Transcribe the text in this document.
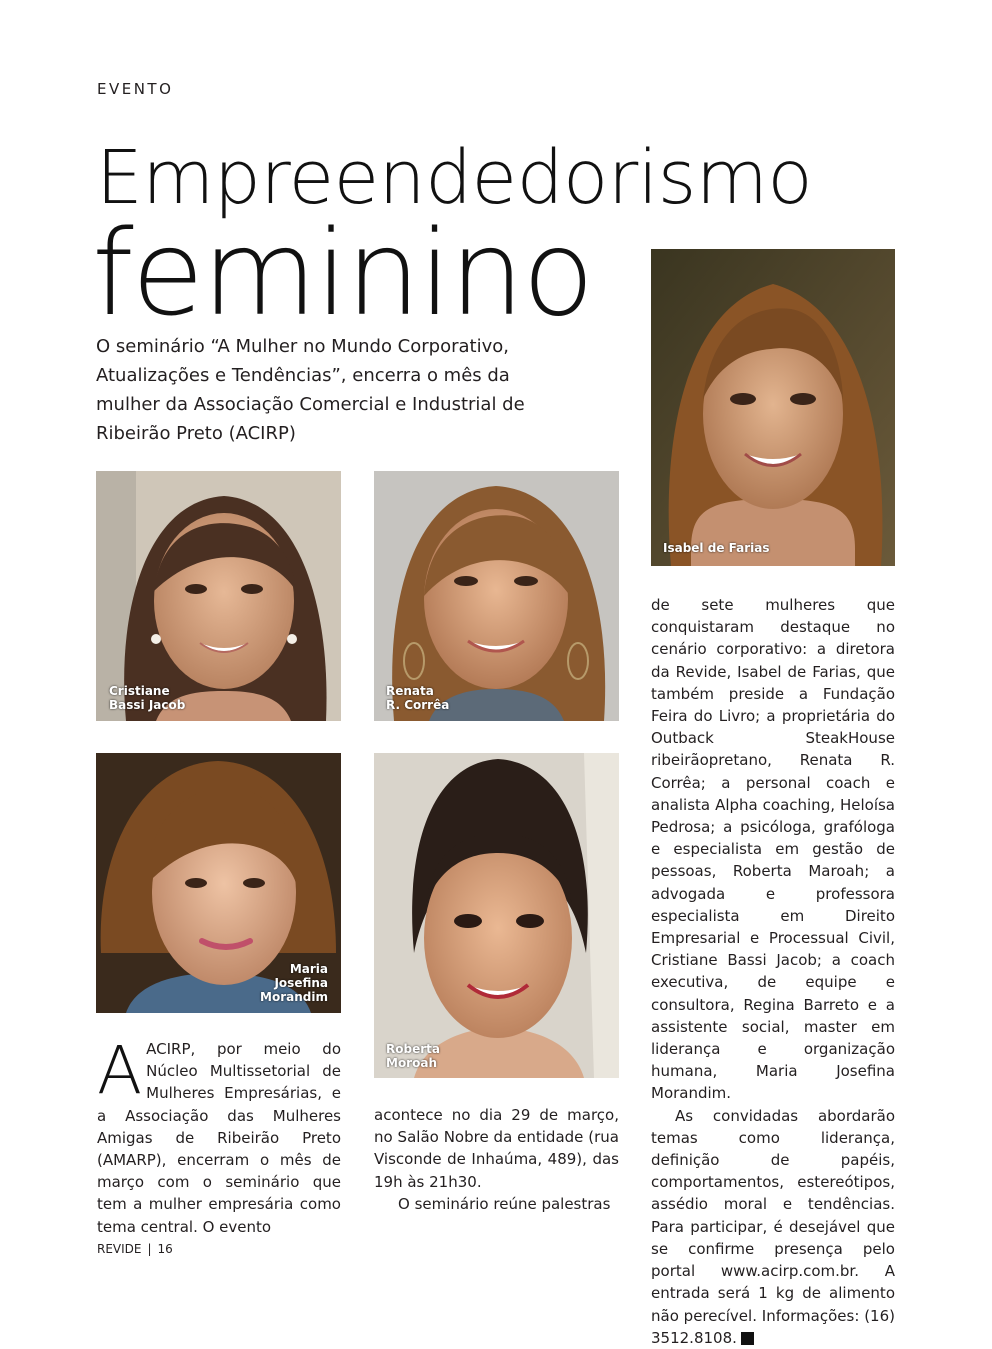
EVENTO
Empreendedorismo
feminino
O seminário “A Mulher no Mundo Corporativo, Atualizações e Tendências”, encerra o mês da mulher da Associação Comercial e Industrial de Ribeirão Preto (ACIRP)
Isabel de Farias
Cristiane
Bassi Jacob
Renata
R. Corrêa
Maria
Josefina
Morandim
Roberta
Moroah

AACIRP, por meio do Núcleo Multissetorial de Mulheres Empresárias, e a Associação das Mulheres Amigas de Ribeirão Preto (AMARP), encerram o mês de março com o seminário que tem a mulher empresária como tema central. O evento

acontece no dia 29 de março, no Salão Nobre da entidade (rua Visconde de Inhaúma, 489), das 19h às 21h30.

O seminário reúne palestras

de sete mulheres que conquistaram destaque no cenário corporativo: a diretora da Revide, Isabel de Farias, que também preside a Fundação Feira do Livro; a proprietária do Outback SteakHouse ribeirãopretano, Renata R. Corrêa; a personal coach e analista Alpha coaching, Heloísa Pedrosa; a psicóloga, grafóloga e especialista em gestão de pessoas, Roberta Maroah; a advogada e professora especialista em Direito Empresarial e Processual Civil, Cristiane Bassi Jacob; a coach executiva, de equipe e consultora, Regina Barreto e a assistente social, master em liderança e organização humana, Maria Josefina Morandim.

As convidadas abordarão temas como liderança, definição de papéis, comportamentos, estereótipos, assédio moral e tendências. Para participar, é desejável que se confirme presença pelo portal www.acirp.com.br. A entrada será 1 kg de alimento não perecível. Informações: (16) 3512.8108.	r

REVIDE | 16
